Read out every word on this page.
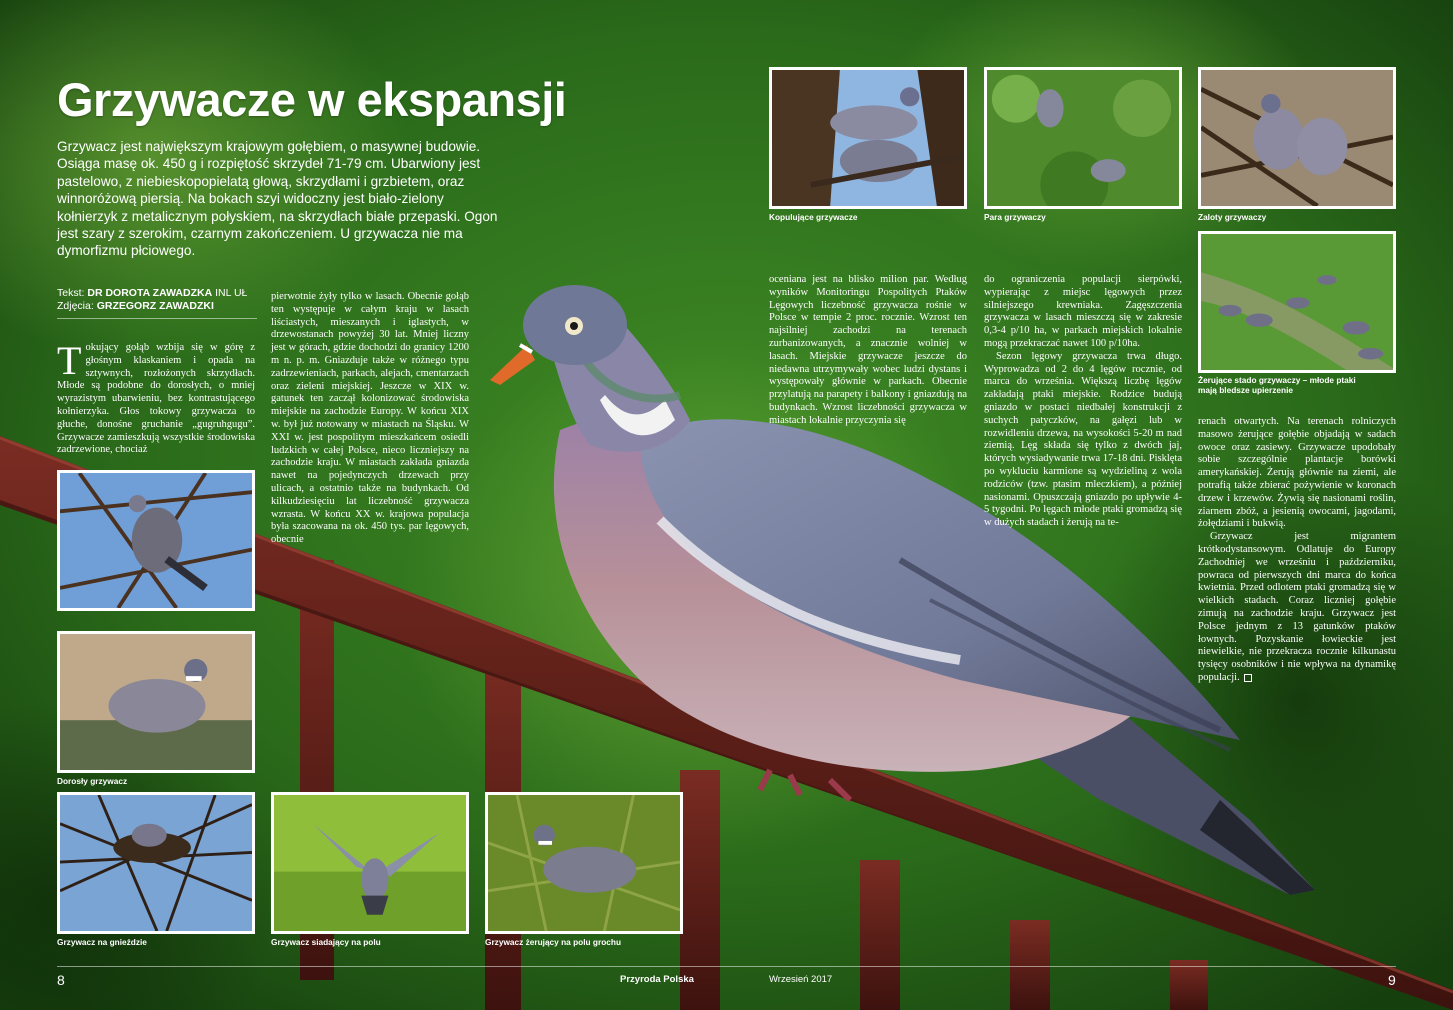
Grzywacze w ekspansji

Grzywacz jest największym krajowym gołębiem, o masywnej budowie. Osiąga masę ok. 450 g i rozpiętość skrzydeł 71-79 cm. Ubarwiony jest pastelowo, z niebieskopopielatą głową, skrzydłami i grzbietem, oraz winnoróżową piersią. Na bokach szyi widoczny jest biało-zielony kołnierzyk z metalicznym połyskiem, na skrzydłach białe przepaski. Ogon jest szary z szerokim, czarnym zakończeniem. U grzywacza nie ma dymorfizmu płciowego.

Tekst: DR DOROTA ZAWADZKA INL UŁ
Zdjęcia: GRZEGORZ ZAWADZKI

Tokujący gołąb wzbija się w górę z głośnym klaskaniem i opada na sztywnych, rozłożonych skrzydłach. Młode są podobne do dorosłych, o mniej wyrazistym ubarwieniu, bez kontrastującego kołnierzyka. Głos tokowy grzywacza to głuche, donośne gruchanie „gugruhgugu”. Grzywacze zamieszkują wszystkie środowiska zadrzewione, chociaż

pierwotnie żyły tylko w lasach. Obecnie gołąb ten występuje w całym kraju w lasach liściastych, mieszanych i iglastych, w drzewostanach powyżej 30 lat. Mniej liczny jest w górach, gdzie dochodzi do granicy 1200 m n. p. m. Gniazduje także w różnego typu zadrzewieniach, parkach, alejach, cmentarzach oraz zieleni miejskiej. Jeszcze w XIX w. gatunek ten zaczął kolonizować środowiska miejskie na zachodzie Europy. W końcu XIX w. był już notowany w miastach na Śląsku. W XXI w. jest pospolitym mieszkańcem osiedli ludzkich w całej Polsce, nieco liczniejszy na zachodzie kraju. W miastach zakłada gniazda nawet na pojedynczych drzewach przy ulicach, a ostatnio także na budynkach. Od kilkudziesięciu lat liczebność grzywacza wzrasta. W końcu XX w. krajowa populacja była szacowana na ok. 450 tys. par lęgowych, obecnie

oceniana jest na blisko milion par. Według wyników Monitoringu Pospolitych Ptaków Lęgowych liczebność grzywacza rośnie w Polsce w tempie 2 proc. rocznie. Wzrost ten najsilniej zachodzi na terenach zurbanizowanych, a znacznie wolniej w lasach. Miejskie grzywacze jeszcze do niedawna utrzymywały wobec ludzi dystans i występowały głównie w parkach. Obecnie przylatują na parapety i balkony i gniazdują na budynkach. Wzrost liczebności grzywacza w miastach lokalnie przyczynia się

do ograniczenia populacji sierpówki, wypierając z miejsc lęgowych przez silniejszego krewniaka. Zagęszczenia grzywacza w lasach mieszczą się w zakresie 0,3-4 p/10 ha, w parkach miejskich lokalnie mogą przekraczać nawet 100 p/10ha.
Sezon lęgowy grzywacza trwa długo. Wyprowadza od 2 do 4 lęgów rocznie, od marca do września. Większą liczbę lęgów zakładają ptaki miejskie. Rodzice budują gniazdo w postaci niedbałej konstrukcji z suchych patyczków, na gałęzi lub w rozwidleniu drzewa, na wysokości 5-20 m nad ziemią. Lęg składa się tylko z dwóch jaj, których wysiadywanie trwa 17-18 dni. Pisklęta po wykluciu karmione są wydzieliną z wola rodziców (tzw. ptasim mleczkiem), a później nasionami. Opuszczają gniazdo po upływie 4-5 tygodni. Po lęgach młode ptaki gromadzą się w dużych stadach i żerują na te-
renach otwartych. Na terenach rolniczych masowo żerujące gołębie objadają w sadach owoce oraz zasiewy. Grzywacze upodobały sobie szczególnie plantacje borówki amerykańskiej. Żerują głównie na ziemi, ale potrafią także zbierać pożywienie w koronach drzew i krzewów. Żywią się nasionami roślin, ziarnem zbóż, a jesienią owocami, jagodami, żołędziami i bukwią.
Grzywacz jest migrantem krótkodystansowym. Odlatuje do Europy Zachodniej we wrześniu i październiku, powraca od pierwszych dni marca do końca kwietnia. Przed odlotem ptaki gromadzą się w wielkich stadach. Coraz liczniej gołębie zimują na zachodzie kraju. Grzywacz jest Polsce jednym z 13 gatunków ptaków łownych. Pozyskanie łowieckie jest niewielkie, nie przekracza rocznie kilkunastu tysięcy osobników i nie wpływa na dynamikę populacji.
Dorosły grzywacz
Grzywacz na gnieździe	Grzywacz siadający na polu	Grzywacz żerujący na polu grochu
Kopulujące grzywacze	Para grzywaczy	Zaloty grzywaczy
Żerujące stado grzywaczy – młode ptaki mają bledsze upierzenie
8	Przyroda Polska	Wrzesień 2017	9
